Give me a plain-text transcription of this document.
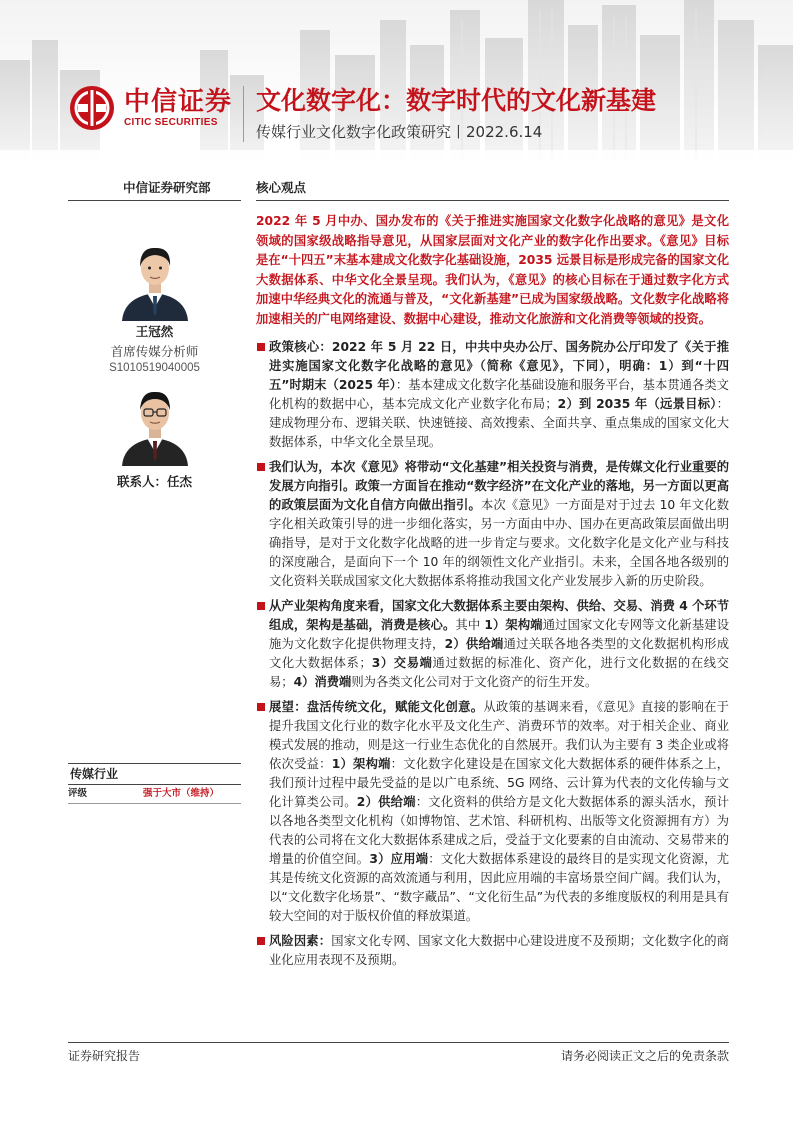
中信证券
CITIC SECURITIES
文化数字化：数字时代的文化新基建
传媒行业文化数字化政策研究丨2022.6.14
中信证券研究部
王冠然
首席传媒分析师
S1010519040005
联系人：任杰
传媒行业
评级	强于大市（维持）
核心观点
2022 年 5 月中办、国办发布的《关于推进实施国家文化数字化战略的意见》是文化领域的国家级战略指导意见，从国家层面对文化产业的数字化作出要求。《意见》目标是在“十四五”末基本建成文化数字化基础设施，2035 远景目标是形成完备的国家文化大数据体系、中华文化全景呈现。我们认为，《意见》的核心目标在于通过数字化方式加速中华经典文化的流通与普及，“文化新基建”已成为国家级战略。文化数字化战略将加速相关的广电网络建设、数据中心建设，推动文化旅游和文化消费等领域的投资。
政策核心：2022 年 5 月 22 日，中共中央办公厅、国务院办公厅印发了《关于推进实施国家文化数字化战略的意见》（简称《意见》，下同），明确：1）到“十四五”时期末（2025 年）：基本建成文化数字化基础设施和服务平台，基本贯通各类文化机构的数据中心，基本完成文化产业数字化布局；2）到 2035 年（远景目标）：建成物理分布、逻辑关联、快速链接、高效搜索、全面共享、重点集成的国家文化大数据体系，中华文化全景呈现。
我们认为，本次《意见》将带动“文化基建”相关投资与消费，是传媒文化行业重要的发展方向指引。政策一方面旨在推动“数字经济”在文化产业的落地，另一方面以更高的政策层面为文化自信方向做出指引。本次《意见》一方面是对于过去 10 年文化数字化相关政策引导的进一步细化落实，另一方面由中办、国办在更高政策层面做出明确指导，是对于文化数字化战略的进一步肯定与要求。文化数字化是文化产业与科技的深度融合，是面向下一个 10 年的纲领性文化产业指引。未来，全国各地各级别的文化资料关联成国家文化大数据体系将推动我国文化产业发展步入新的历史阶段。
从产业架构角度来看，国家文化大数据体系主要由架构、供给、交易、消费 4 个环节组成，架构是基础，消费是核心。其中 1）架构端通过国家文化专网等文化新基建设施为文化数字化提供物理支持，2）供给端通过关联各地各类型的文化数据机构形成文化大数据体系；3）交易端通过数据的标准化、资产化，进行文化数据的在线交易；4）消费端则为各类文化公司对于文化资产的衍生开发。
展望：盘活传统文化，赋能文化创意。从政策的基调来看，《意见》直接的影响在于提升我国文化行业的数字化水平及文化生产、消费环节的效率。对于相关企业、商业模式发展的推动，则是这一行业生态优化的自然展开。我们认为主要有 3 类企业或将依次受益：1）架构端：文化数字化建设是在国家文化大数据体系的硬件体系之上，我们预计过程中最先受益的是以广电系统、5G 网络、云计算为代表的文化传输与文化计算类公司。2）供给端：文化资料的供给方是文化大数据体系的源头活水，预计以各地各类型文化机构（如博物馆、艺术馆、科研机构、出版等文化资源拥有方）为代表的公司将在文化大数据体系建成之后，受益于文化要素的自由流动、交易带来的增量的价值空间。3）应用端：文化大数据体系建设的最终目的是实现文化资源，尤其是传统文化资源的高效流通与利用，因此应用端的丰富场景空间广阔。我们认为，以“文化数字化场景”、“数字藏品”、“文化衍生品”为代表的多维度版权的利用是具有较大空间的对于版权价值的释放渠道。
风险因素：国家文化专网、国家文化大数据中心建设进度不及预期；文化数字化的商业化应用表现不及预期。
证券研究报告	请务必阅读正文之后的免责条款
